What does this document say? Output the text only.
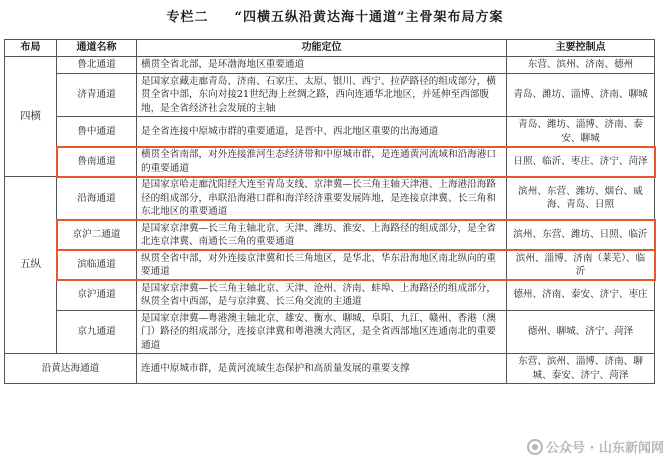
专栏二 “四横五纵沿黄达海十通道”主骨架布局方案
布局	通道名称	功能定位	主要控制点
四横	鲁北通道	横贯全省北部，是环渤海地区重要通道	东营、滨州、济南、德州
	济青通道	是国家京藏走廊青岛、济南、石家庄、太原、银川、西宁、拉萨路径的组成部分，横贯全省中部，东向对接21世纪海上丝绸之路，西向连通华北地区，并延伸至西部腹地，是全省经济社会发展的主轴	青岛、潍坊、淄博、济南、聊城
	鲁中通道	是全省连接中原城市群的重要通道，是晋中、西北地区重要的出海通道	青岛、潍坊、淄博、济南、泰安、聊城
	鲁南通道	横贯全省南部，对外连接淮河生态经济带和中原城市群，是连通黄河流域和沿海港口的重要通道	日照、临沂、枣庄、济宁、菏泽
五纵	沿海通道	是国家京哈走廊沈阳经大连至青岛支线、京津冀—长三角主轴天津港、上海港沿海路径的组成部分，串联沿海港口群和海洋经济重要发展阵地，是连接京津冀、长三角和东北地区的重要通道	滨州、东营、潍坊、烟台、威海、青岛、日照
	京沪二通道	是国家京津冀—长三角主轴北京、天津、潍坊、淮安、上海路径的组成部分，是全省北连京津冀、南通长三角的重要通道	滨州、东营、潍坊、日照、临沂
	滨临通道	纵贯全省中部，对外连接京津冀和长三角地区，是华北、华东沿海地区南北纵向的重要通道	滨州、淄博、济南（莱芜）、临沂
	京沪通道	是国家京津冀—长三角主轴北京、天津、沧州、济南、蚌埠、上海路径的组成部分，纵贯全省中西部，是与京津冀、长三角交流的主通道	德州、济南、泰安、济宁、枣庄
	京九通道	是国家京津冀—粤港澳主轴北京、雄安、衡水、聊城、阜阳、九江、赣州、香港（澳门）路径的组成部分，连接京津冀和粤港澳大湾区，是全省西部地区连通南北的重要通道	德州、聊城、济宁、菏泽
沿黄达海通道		连通中原城市群，是黄河流域生态保护和高质量发展的重要支撑	东营、滨州、淄博、济南、聊城、泰安、济宁、菏泽
公众号 · 山东新闻网
